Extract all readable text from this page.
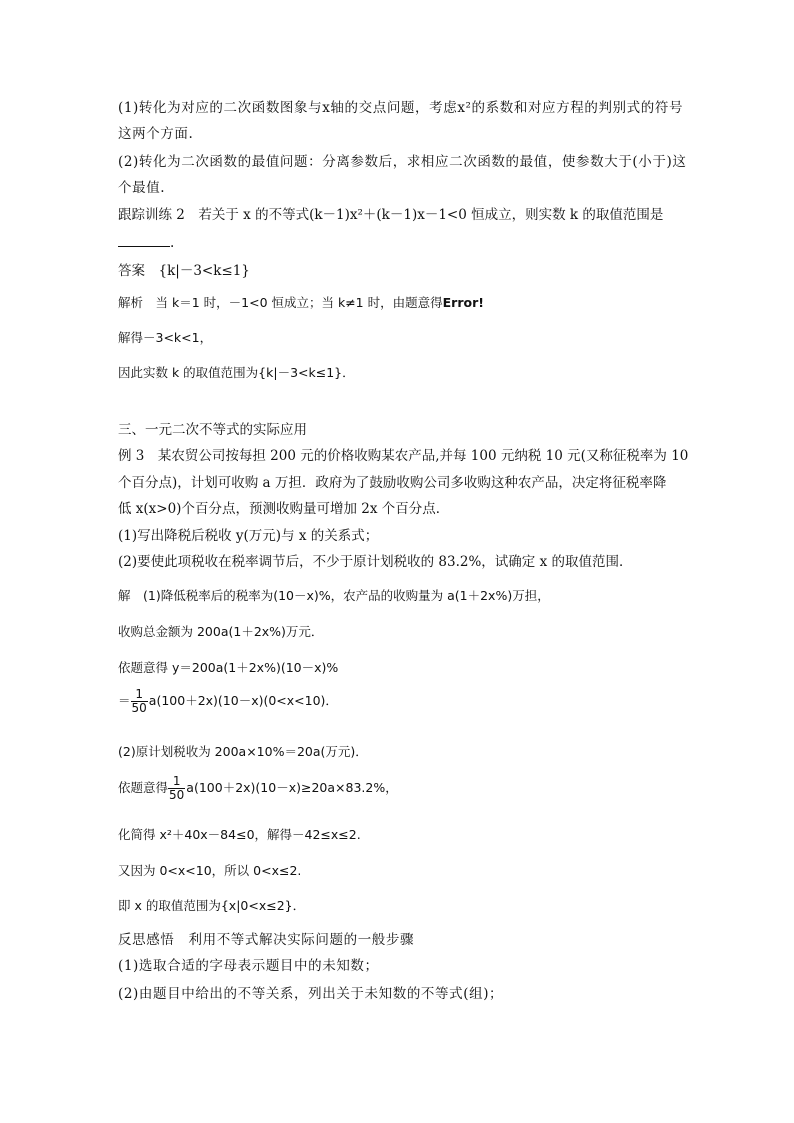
(1)转化为对应的二次函数图象与x轴的交点问题，考虑x²的系数和对应方程的判别式的符号
这两个方面.
(2)转化为二次函数的最值问题：分离参数后，求相应二次函数的最值，使参数大于(小于)这
个最值.
跟踪训练 2　若关于 x 的不等式(k－1)x²＋(k－1)x－1<0 恒成立，则实数 k 的取值范围是
.
答案　{k|－3<k≤1}
解析　当 k＝1 时，－1<0 恒成立；当 k≠1 时，由题意得Error!
解得－3<k<1，
因此实数 k 的取值范围为{k|－3<k≤1}．
三、一元二次不等式的实际应用
例 3　某农贸公司按每担 200 元的价格收购某农产品,并每 100 元纳税 10 元(又称征税率为 10
个百分点)，计划可收购 a 万担．政府为了鼓励收购公司多收购这种农产品，决定将征税率降
低 x(x>0)个百分点，预测收购量可增加 2x 个百分点．
(1)写出降税后税收 y(万元)与 x 的关系式；
(2)要使此项税收在税率调节后，不少于原计划税收的 83.2%，试确定 x 的取值范围．
解　(1)降低税率后的税率为(10－x)%，农产品的收购量为 a(1＋2x%)万担，
收购总金额为 200a(1＋2x%)万元．
依题意得 y＝200a(1＋2x%)(10－x)%
＝ $\frac{1}{50} a(100+2x)(10-x)(0<x<10)$．
(2)原计划税收为 200a×10%＝20a(万元)．
依题意得 $\frac{1}{50} a(100+2x)(10-x)\ge 20a\times 83.2\%$，
化简得 x²＋40x－84≤0，解得－42≤x≤2.
又因为 0<x<10，所以 0<x≤2.
即 x 的取值范围为{x|0<x≤2}．
反思感悟　利用不等式解决实际问题的一般步骤
(1)选取合适的字母表示题目中的未知数；
(2)由题目中给出的不等关系，列出关于未知数的不等式(组)；
